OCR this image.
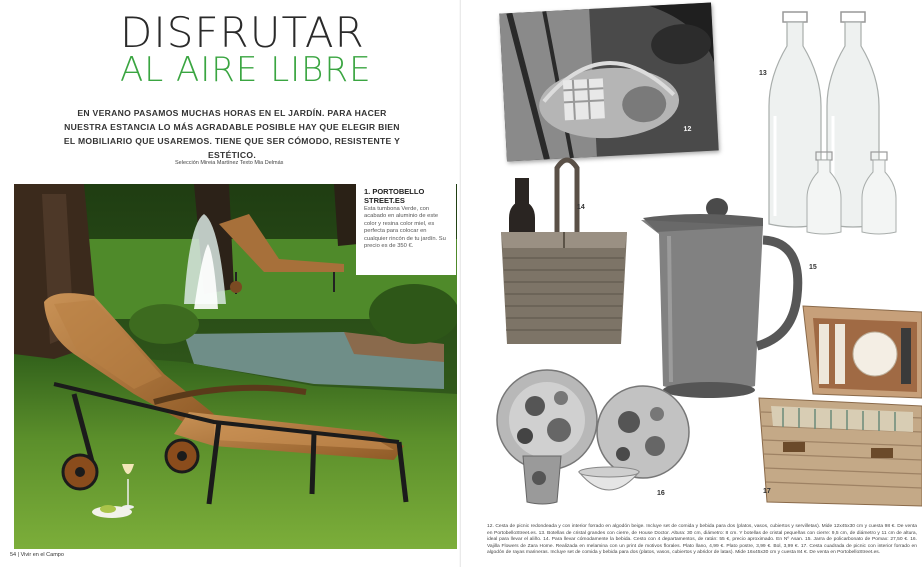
DISFRUTAR
AL AIRE LIBRE
EN VERANO PASAMOS MUCHAS HORAS EN EL JARDÍN. PARA HACER NUESTRA ESTANCIA LO MÁS AGRADABLE POSIBLE HAY QUE ELEGIR BIEN EL MOBILIARIO QUE USAREMOS. TIENE QUE SER CÓMODO, RESISTENTE Y ESTÉTICO.
Selección Mireia Martínez Texto Mia Delmás
1. PORTOBELLO STREET.ES
Esta tumbona Verde, con acabado en aluminio de este color y resina color miel, es perfecta para colocar en cualquier rincón de tu jardín. Su precio es de 350 €.
54 | Vivir en el Campo
12
13
14
15
16	17
12. Cesta de picnic redondeada y con interior forrado en algodón beige. Incluye set de comida y bebida para dos (platos, vasos, cubiertos y servilletas). Mide 12x45x30 cm y cuesta 98 €. De venta en PortobelloStreet.es. 13. Botellas de cristal grandes con cierre, de House Doctor. Altura: 30 cm, diámetro: 8 cm. Y botellas de cristal pequeñas con cierre: 9,5 cm, de diámetro y 11 cm de altura, ideal para llevar el aliño. 14. Para llevar cómodamente la bebida. Cesto con 4 departamentos, de ratán: 55 €, precio aproximado. En Nº Asan. 15. Jarra de policarbonato de Pomax: 27,50 €. 16. Vajilla Flowers de Zara Home. Realizada en melamina con un print de motivos florales. Plato llano, 4,99 €. Plato postre, 3,99 €. Bol, 3,99 €. 17. Cesta cuadrada de picnic con interior forrado en algodón de rayas marineras. Incluye set de comida y bebida para dos (platos, vasos, cubiertos y abridor de latas). Mide 16x45x30 cm y cuesta 84 €. De venta en PortobelloStreet.es.
